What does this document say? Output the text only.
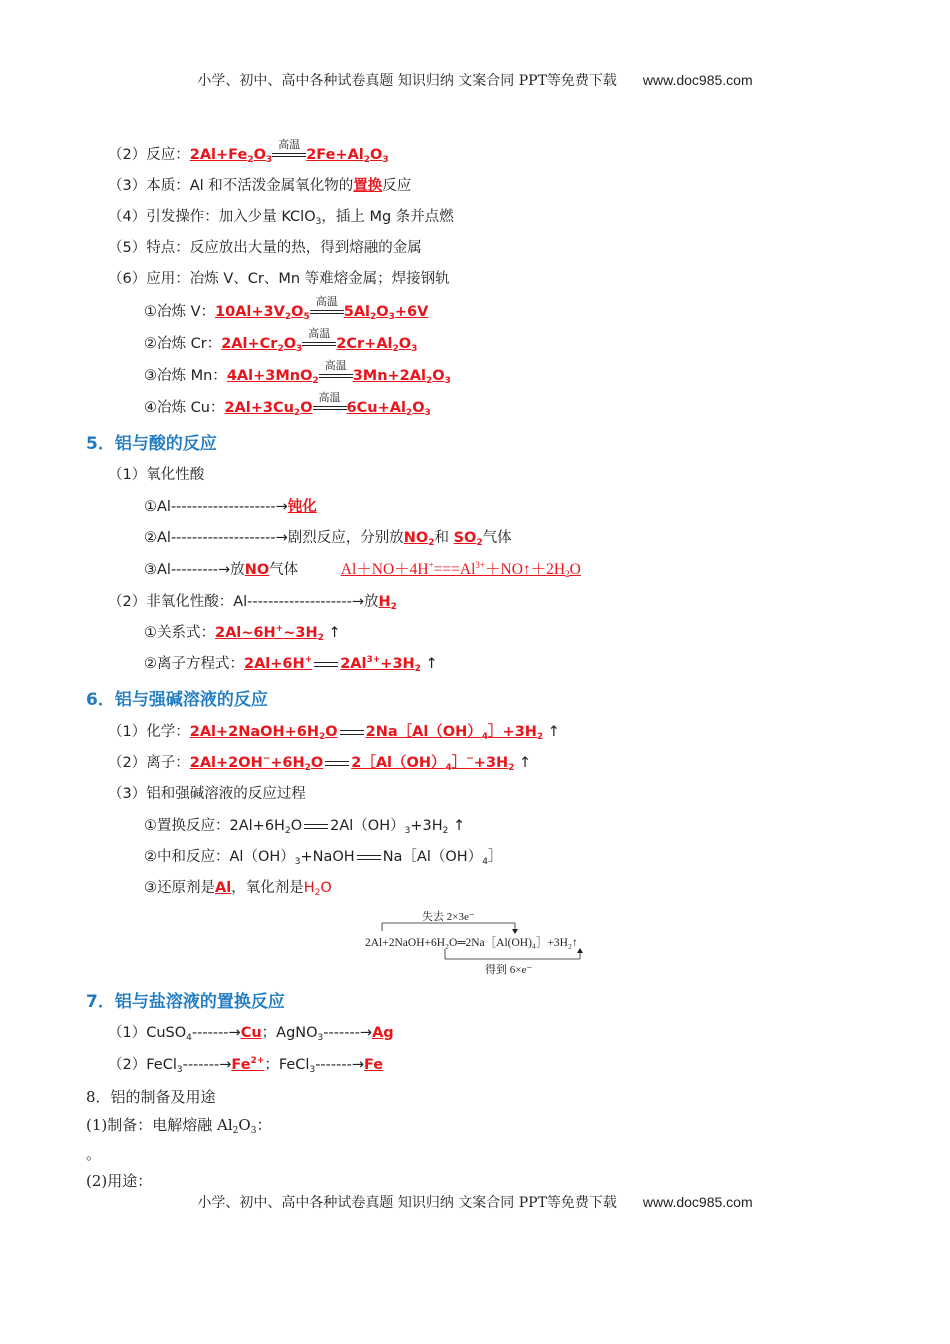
小学、初中、高中各种试卷真题 知识归纳 文案合同 PPT等免费下载 www.doc985.com
（2）反应：$2Al+Fe_2O_3$
高温
$2Fe+Al_2O_3$
（3）本质：Al 和不活泼金属氧化物的置换反应
（4）引发操作：加入少量 KClO$_3$，插上 Mg 条并点燃
（5）特点：反应放出大量的热，得到熔融的金属
（6）应用：冶炼 V、Cr、Mn 等难熔金属；焊接钢轨
①冶炼 V：$10Al+3V_2O_5$
高温
$5Al_2O_3+6V$
②冶炼 Cr：$2Al+Cr_2O_3$
高温
$2Cr+Al_2O_3$
③冶炼 Mn：4Al+3MnO$_2$
高温
$3Mn+2Al_2O_3$
④冶炼 Cu：$2Al+3Cu_2O$
高温
$6Cu+Al_2O_3$
5．铝与酸的反应
（1）氧化性酸
①Al--------------------→钝化
②Al--------------------→剧烈反应，分别放$NO_2$和 $SO_2$气体
③Al---------→放NO气体	$Al+NO+4H^+===Al^{3+}+NO↑+2H_2O$
（2）非氧化性酸：Al--------------------→放$H_2$
①关系式：$2Al\sim 6H^+\sim 3H_2$ ↑
②离子方程式：2Al+6H+ $2Al^{3+}+3H_2$ ↑
6．铝与强碱溶液的反应
（1）化学：$2Al+2NaOH+6H_2O$ $2Na[Al(OH)_4]+3H_2$ ↑
（2）离子：$2Al+2OH^-+6H_2O$ $2[Al(OH)_4]^-+3H_2$ ↑
（3）铝和强碱溶液的反应过程
①置换反应：$2Al+6H_2O$ $2Al(OH)_3+3H_2$ ↑
②中和反应：$Al(OH)_3+NaOH$ $Na[Al(OH)_4]$
③还原剂是Al，氧化剂是$H_2O$
失去 2×3e⁻
2Al+2NaOH+6H₂O═2Na［Al(OH)₄］+3H₂↑
得到 6×e⁻
7．铝与盐溶液的置换反应
（1）CuSO$_4$-------→Cu；AgNO$_3$-------→Ag
$(2)FeCl_3-------\to Fe^{2+}$；FeCl$_3$-------→Fe
8．铝的制备及用途
(1)制备：电解熔融 $Al_2O_3$：
。
(2)用途：
小学、初中、高中各种试卷真题 知识归纳 文案合同 PPT等免费下载 www.doc985.com
